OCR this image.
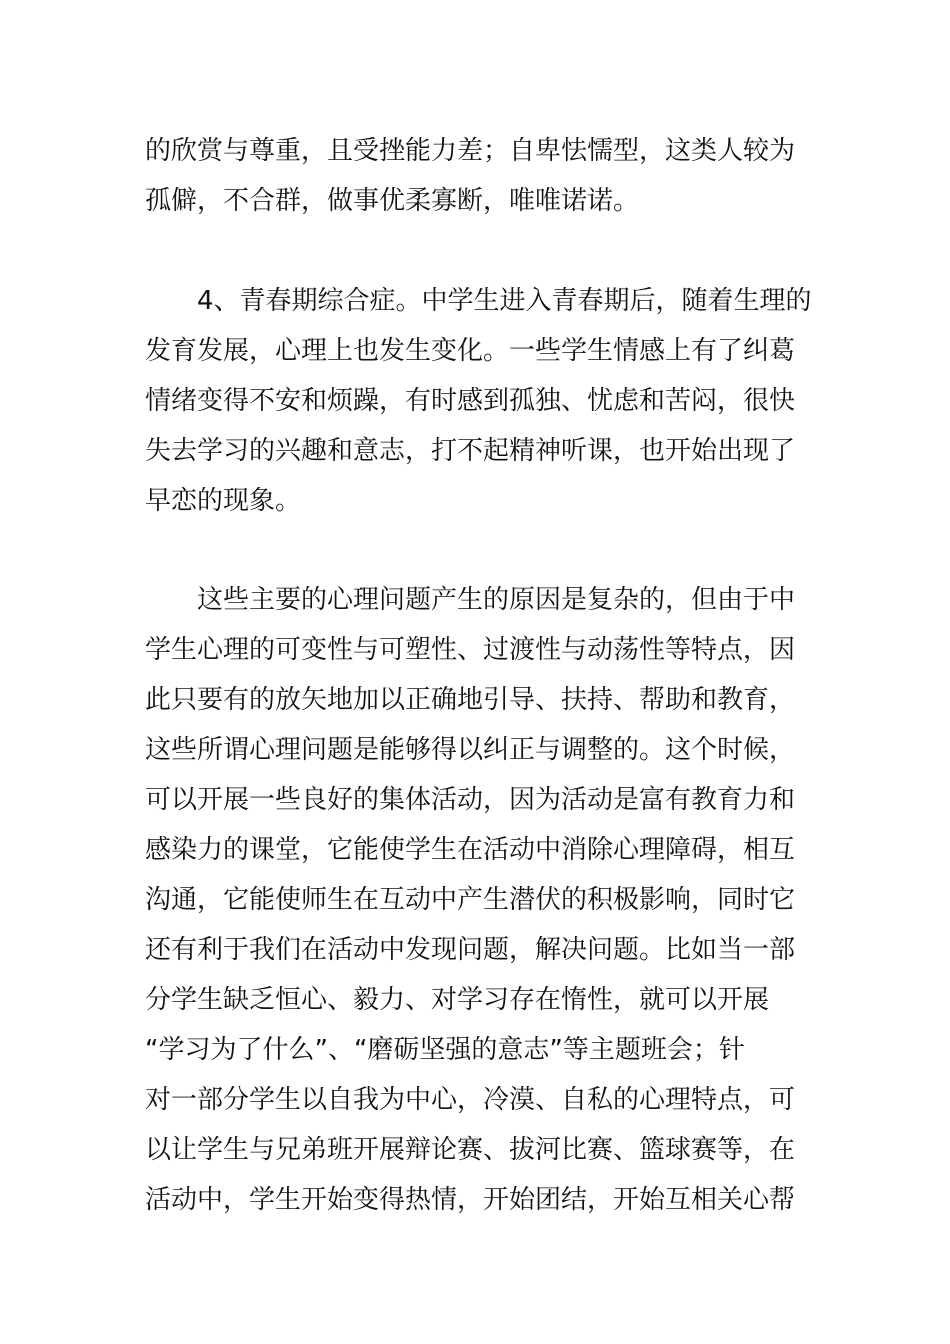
的欣赏与尊重，且受挫能力差；自卑怯懦型，这类人较为
孤僻，不合群，做事优柔寡断，唯唯诺诺。
4、青春期综合症。中学生进入青春期后，随着生理的
发育发展，心理上也发生变化。一些学生情感上有了纠葛
情绪变得不安和烦躁，有时感到孤独、忧虑和苦闷，很快
失去学习的兴趣和意志，打不起精神听课，也开始出现了
早恋的现象。
这些主要的心理问题产生的原因是复杂的，但由于中
学生心理的可变性与可塑性、过渡性与动荡性等特点，因
此只要有的放矢地加以正确地引导、扶持、帮助和教育，
这些所谓心理问题是能够得以纠正与调整的。这个时候，
可以开展一些良好的集体活动，因为活动是富有教育力和
感染力的课堂，它能使学生在活动中消除心理障碍，相互
沟通，它能使师生在互动中产生潜伏的积极影响，同时它
还有利于我们在活动中发现问题，解决问题。比如当一部
分学生缺乏恒心、毅力、对学习存在惰性，就可以开展
“学习为了什么”、“磨砺坚强的意志”等主题班会；针
对一部分学生以自我为中心，冷漠、自私的心理特点，可
以让学生与兄弟班开展辩论赛、拔河比赛、篮球赛等，在
活动中，学生开始变得热情，开始团结，开始互相关心帮
